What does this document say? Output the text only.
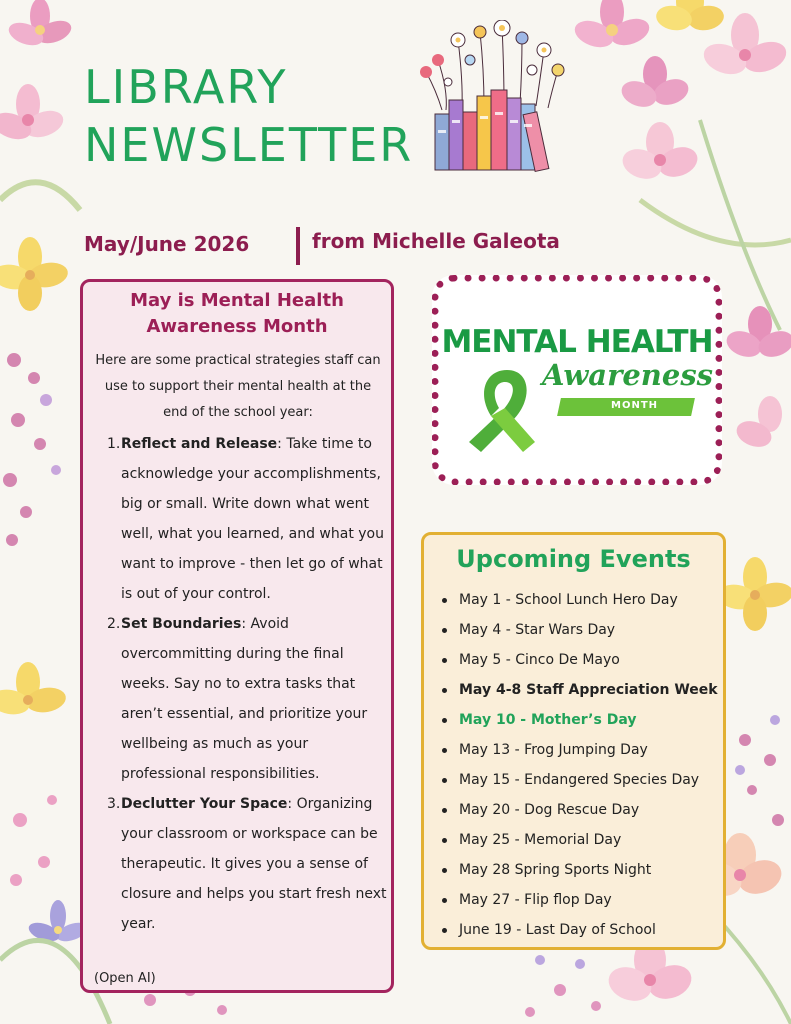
LIBRARY
NEWSLETTER
May/June 2026	from Michelle Galeota
May is Mental Health
Awareness Month

Here are some practical strategies staff can use to support their mental health at the end of the school year:

1 . Reflect and Release: Take time to acknowledge your accomplishments, big or small. Write down what went well, what you learned, and what you want to improve - then let go of what is out of your control.
2 . Set Boundaries: Avoid overcommitting during the final weeks. Say no to extra tasks that aren’t essential, and prioritize your wellbeing as much as your professional responsibilities.
3 . Declutter Your Space: Organizing your classroom or workspace can be therapeutic. It gives you a sense of closure and helps you start fresh next year.
(Open AI)
MENTAL HEALTH
Awareness
MONTH
Upcoming Events
May 1 - School Lunch Hero Day
May 4 - Star Wars Day
May 5 - Cinco De Mayo
May 4-8 Staff Appreciation Week
May 10 - Mother’s Day
May 13 - Frog Jumping Day
May 15 - Endangered Species Day
May 20 - Dog Rescue Day
May 25 - Memorial Day
May 28 Spring Sports Night
May 27 - Flip flop Day
June 19 - Last Day of School
